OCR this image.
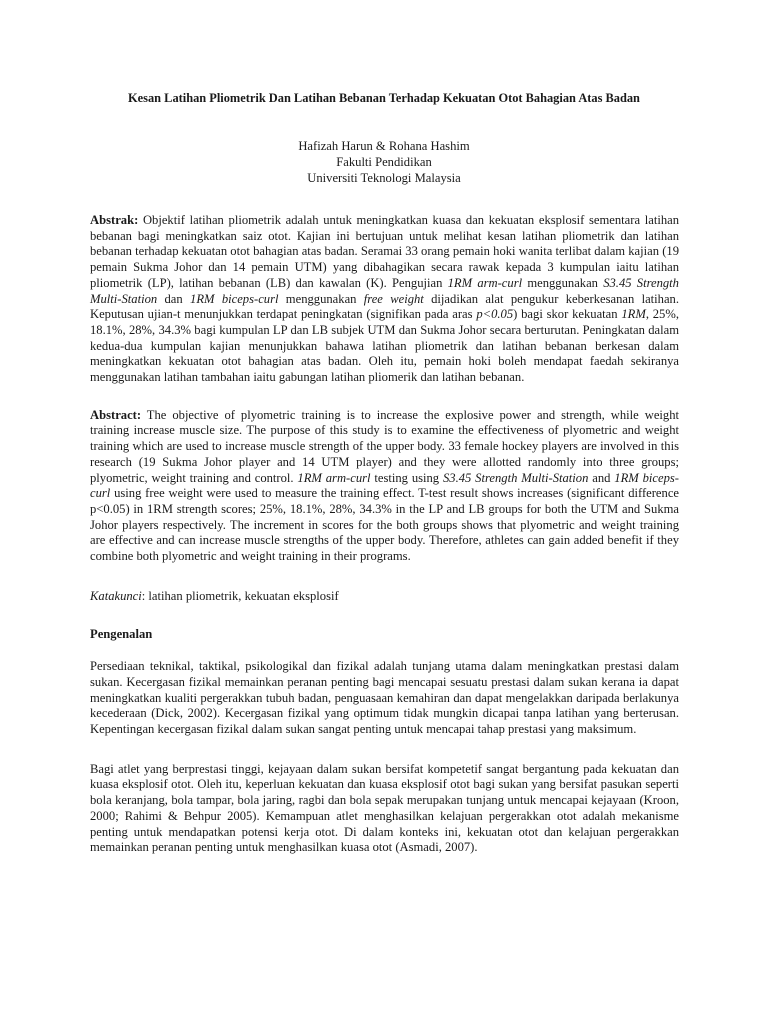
Kesan Latihan Pliometrik Dan Latihan Bebanan Terhadap Kekuatan Otot Bahagian Atas Badan
Hafizah Harun & Rohana Hashim
Fakulti Pendidikan
Universiti Teknologi Malaysia

Abstrak: Objektif latihan pliometrik adalah untuk meningkatkan kuasa dan kekuatan eksplosif sementara latihan bebanan bagi meningkatkan saiz otot. Kajian ini bertujuan untuk melihat kesan latihan pliometrik dan latihan bebanan terhadap kekuatan otot bahagian atas badan. Seramai 33 orang pemain hoki wanita terlibat dalam kajian (19 pemain Sukma Johor dan 14 pemain UTM) yang dibahagikan secara rawak kepada 3 kumpulan iaitu latihan pliometrik (LP), latihan bebanan (LB) dan kawalan (K). Pengujian 1RM arm-curl menggunakan S3.45 Strength Multi-Station dan 1RM biceps-curl menggunakan free weight dijadikan alat pengukur keberkesanan latihan. Keputusan ujian-t menunjukkan terdapat peningkatan (signifikan pada aras p<0.05) bagi skor kekuatan 1RM, 25%, 18.1%, 28%, 34.3% bagi kumpulan LP dan LB subjek UTM dan Sukma Johor secara berturutan. Peningkatan dalam kedua-dua kumpulan kajian menunjukkan bahawa latihan pliometrik dan latihan bebanan berkesan dalam meningkatkan kekuatan otot bahagian atas badan. Oleh itu, pemain hoki boleh mendapat faedah sekiranya menggunakan latihan tambahan iaitu gabungan latihan pliomerik dan latihan bebanan.

Abstract: The objective of plyometric training is to increase the explosive power and strength, while weight training increase muscle size. The purpose of this study is to examine the effectiveness of plyometric and weight training which are used to increase muscle strength of the upper body. 33 female hockey players are involved in this research (19 Sukma Johor player and 14 UTM player) and they were allotted randomly into three groups; plyometric, weight training and control. 1RM arm-curl testing using S3.45 Strength Multi-Station and 1RM biceps-curl using free weight were used to measure the training effect. T-test result shows increases (significant difference p<0.05) in 1RM strength scores; 25%, 18.1%, 28%, 34.3% in the LP and LB groups for both the UTM and Sukma Johor players respectively. The increment in scores for the both groups shows that plyometric and weight training are effective and can increase muscle strengths of the upper body. Therefore, athletes can gain added benefit if they combine both plyometric and weight training in their programs.

Katakunci: latihan pliometrik, kekuatan eksplosif

Pengenalan

Persediaan teknikal, taktikal, psikologikal dan fizikal adalah tunjang utama dalam meningkatkan prestasi dalam sukan. Kecergasan fizikal memainkan peranan penting bagi mencapai sesuatu prestasi dalam sukan kerana ia dapat meningkatkan kualiti pergerakkan tubuh badan, penguasaan kemahiran dan dapat mengelakkan daripada berlakunya kecederaan (Dick, 2002). Kecergasan fizikal yang optimum tidak mungkin dicapai tanpa latihan yang berterusan. Kepentingan kecergasan fizikal dalam sukan sangat penting untuk mencapai tahap prestasi yang maksimum.

Bagi atlet yang berprestasi tinggi, kejayaan dalam sukan bersifat kompetetif sangat bergantung pada kekuatan dan kuasa eksplosif otot. Oleh itu, keperluan kekuatan dan kuasa eksplosif otot bagi sukan yang bersifat pasukan seperti bola keranjang, bola tampar, bola jaring, ragbi dan bola sepak merupakan tunjang untuk mencapai kejayaan (Kroon, 2000; Rahimi & Behpur 2005). Kemampuan atlet menghasilkan kelajuan pergerakkan otot adalah mekanisme penting untuk mendapatkan potensi kerja otot. Di dalam konteks ini, kekuatan otot dan kelajuan pergerakkan memainkan peranan penting untuk menghasilkan kuasa otot (Asmadi, 2007).
